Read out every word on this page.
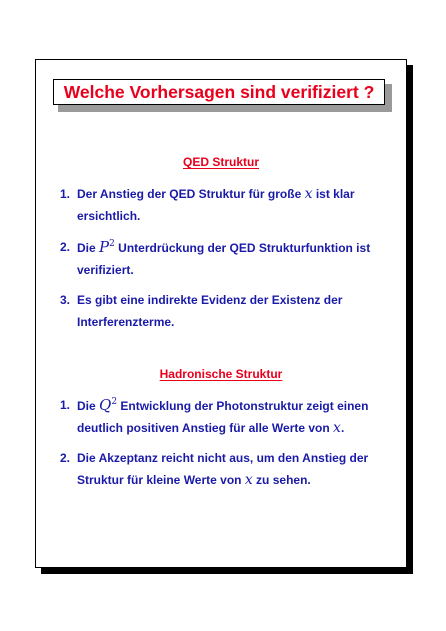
Welche Vorhersagen sind verifiziert ?
QED Struktur
1. Der Anstieg der QED Struktur für große x ist klar ersichtlich.
2. Die $P^2$ Unterdrückung der QED Strukturfunktion ist verifiziert.
3. Es gibt eine indirekte Evidenz der Existenz der Interferenzterme.
Hadronische Struktur
1. Die $Q^2$ Entwicklung der Photonstruktur zeigt einen deutlich positiven Anstieg für alle Werte von x.
2. Die Akzeptanz reicht nicht aus, um den Anstieg der Struktur für kleine Werte von x zu sehen.
